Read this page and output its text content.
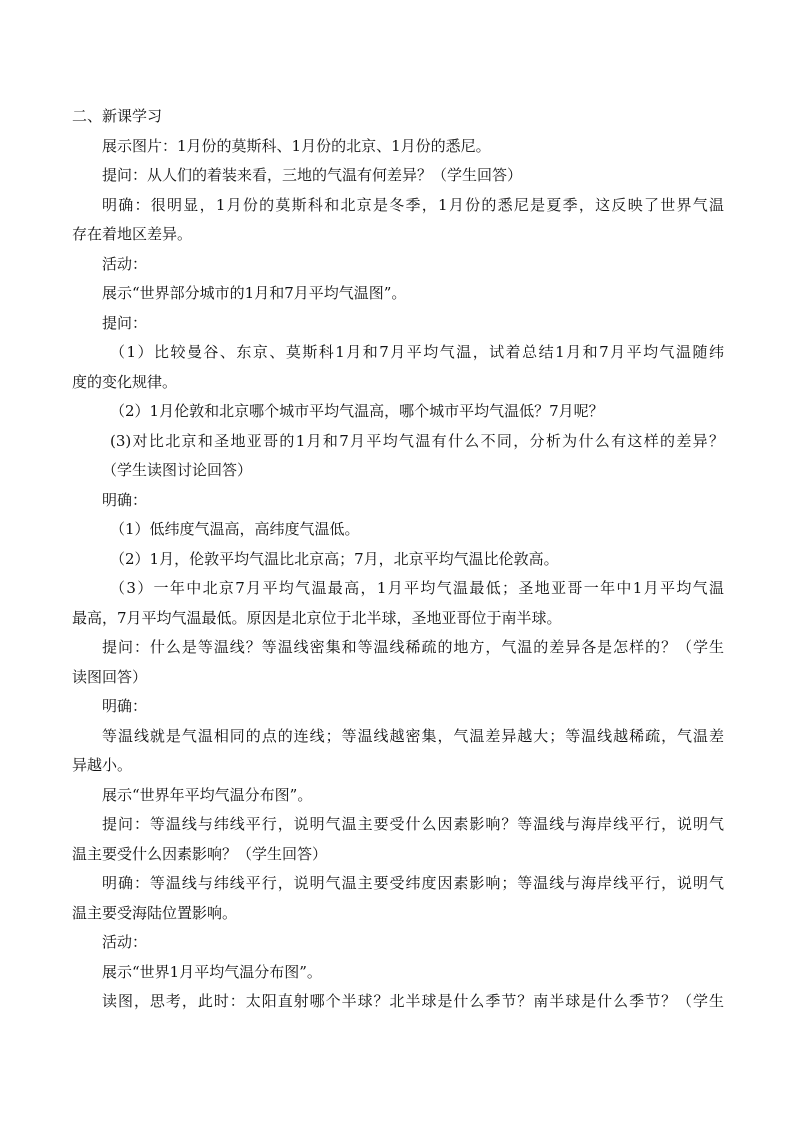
二、新课学习
展示图片：1月份的莫斯科、1月份的北京、1月份的悉尼。
提问：从人们的着装来看，三地的气温有何差异？（学生回答）
明确：很明显，1月份的莫斯科和北京是冬季，1月份的悉尼是夏季，这反映了世界气温
存在着地区差异。
活动：
展示“世界部分城市的1月和7月平均气温图”。
提问：
（1）比较曼谷、东京、莫斯科1月和7月平均气温，试着总结1月和7月平均气温随纬
度的变化规律。
（2）1月伦敦和北京哪个城市平均气温高，哪个城市平均气温低？7月呢？
(3)对比北京和圣地亚哥的1月和7月平均气温有什么不同，分析为什么有这样的差异？
（学生读图讨论回答）
明确：
（1）低纬度气温高，高纬度气温低。
（2）1月，伦敦平均气温比北京高；7月，北京平均气温比伦敦高。
（3）一年中北京7月平均气温最高，1月平均气温最低；圣地亚哥一年中1月平均气温
最高，7月平均气温最低。原因是北京位于北半球，圣地亚哥位于南半球。
提问：什么是等温线？等温线密集和等温线稀疏的地方，气温的差异各是怎样的？（学生
读图回答）
明确：
等温线就是气温相同的点的连线；等温线越密集，气温差异越大；等温线越稀疏，气温差
异越小。
展示“世界年平均气温分布图”。
提问：等温线与纬线平行，说明气温主要受什么因素影响？等温线与海岸线平行，说明气
温主要受什么因素影响？（学生回答）
明确：等温线与纬线平行，说明气温主要受纬度因素影响；等温线与海岸线平行，说明气
温主要受海陆位置影响。
活动：
展示“世界1月平均气温分布图”。
读图，思考，此时：太阳直射哪个半球？北半球是什么季节？南半球是什么季节？（学生
